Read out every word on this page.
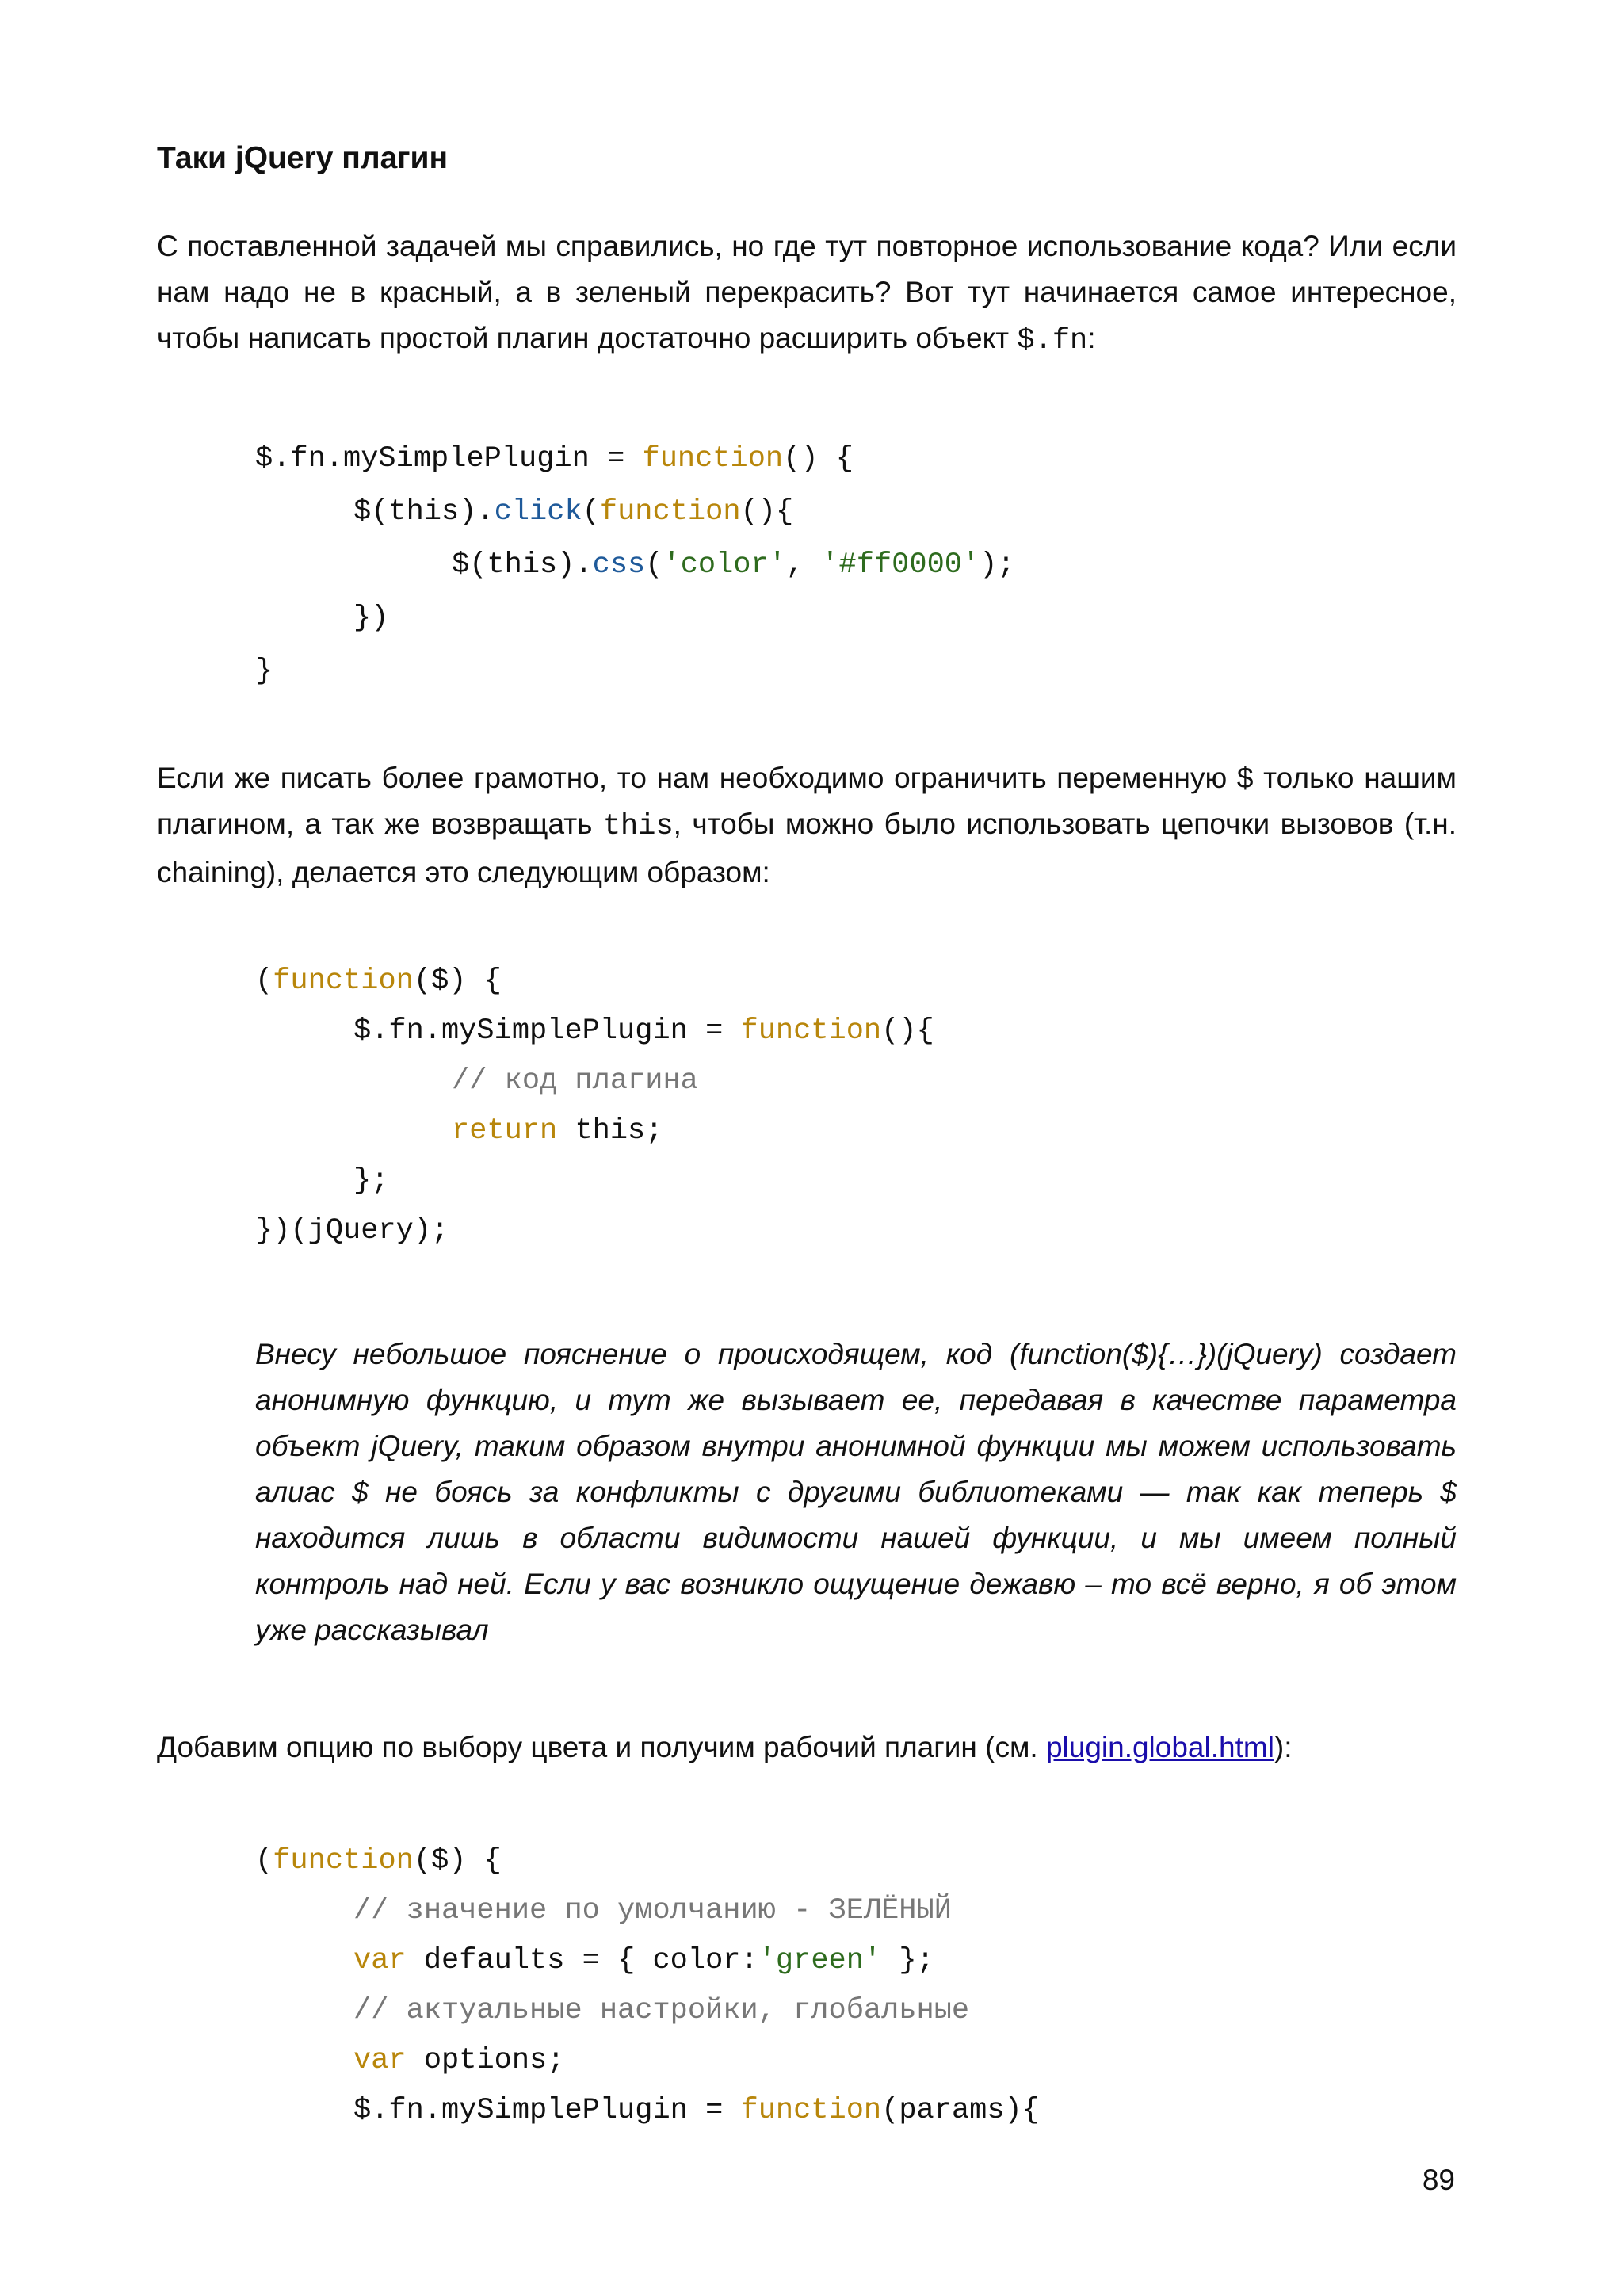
Таки jQuery плагин

С поставленной задачей мы справились, но где тут повторное использование кода? Или если нам надо не в красный, а в зеленый перекрасить? Вот тут начинается самое интересное, чтобы написать простой плагин достаточно расширить объект $.fn:

$.fn.mySimplePlugin = function() {
$(this).click(function(){
$(this).css('color', '#ff0000');
})
}

Если же писать более грамотно, то нам необходимо ограничить переменную $ только нашим плагином, а так же возвращать this, чтобы можно было использовать цепочки вызовов (т.н. chaining), делается это следующим образом:

(function($) {
$.fn.mySimplePlugin = function(){
// код плагина
return this;
};
})(jQuery);

Внесу небольшое пояснение о происходящем, код (function($){…})(jQuery) создает анонимную функцию, и тут же вызывает ее, передавая в качестве параметра объект jQuery, таким образом внутри анонимной функции мы можем использовать алиас $ не боясь за конфликты с другими библиотеками — так как теперь $ находится лишь в области видимости нашей функции, и мы имеем полный контроль над ней. Если у вас возникло ощущение дежавю – то всё верно, я об этом уже рассказывал

Добавим опцию по выбору цвета и получим рабочий плагин (см. plugin.global.html):

(function($) {
// значение по умолчанию - ЗЕЛЁНЫЙ
var defaults = { color:'green' };
// актуальные настройки, глобальные
var options;
$.fn.mySimplePlugin = function(params){
89
